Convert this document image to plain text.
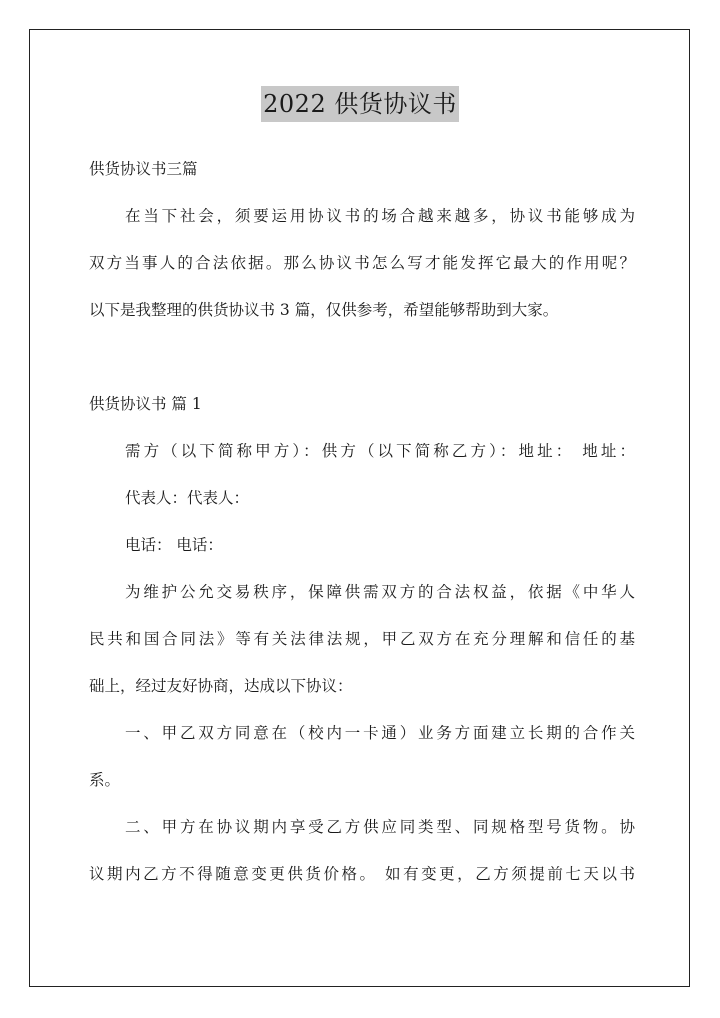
2022 供货协议书
供货协议书三篇
在当下社会，须要运用协议书的场合越来越多，协议书能够成为
双方当事人的合法依据。那么协议书怎么写才能发挥它最大的作用呢？
以下是我整理的供货协议书 3 篇，仅供参考，希望能够帮助到大家。
供货协议书 篇 1
需方（以下简称甲方）：供方（以下简称乙方）：地址： 地址：
代表人：代表人：
电话： 电话：
为维护公允交易秩序，保障供需双方的合法权益，依据《中华人
民共和国合同法》等有关法律法规，甲乙双方在充分理解和信任的基
础上，经过友好协商，达成以下协议：
一、甲乙双方同意在（校内一卡通）业务方面建立长期的合作关
系。
二、甲方在协议期内享受乙方供应同类型、同规格型号货物。协
议期内乙方不得随意变更供货价格。 如有变更，乙方须提前七天以书
